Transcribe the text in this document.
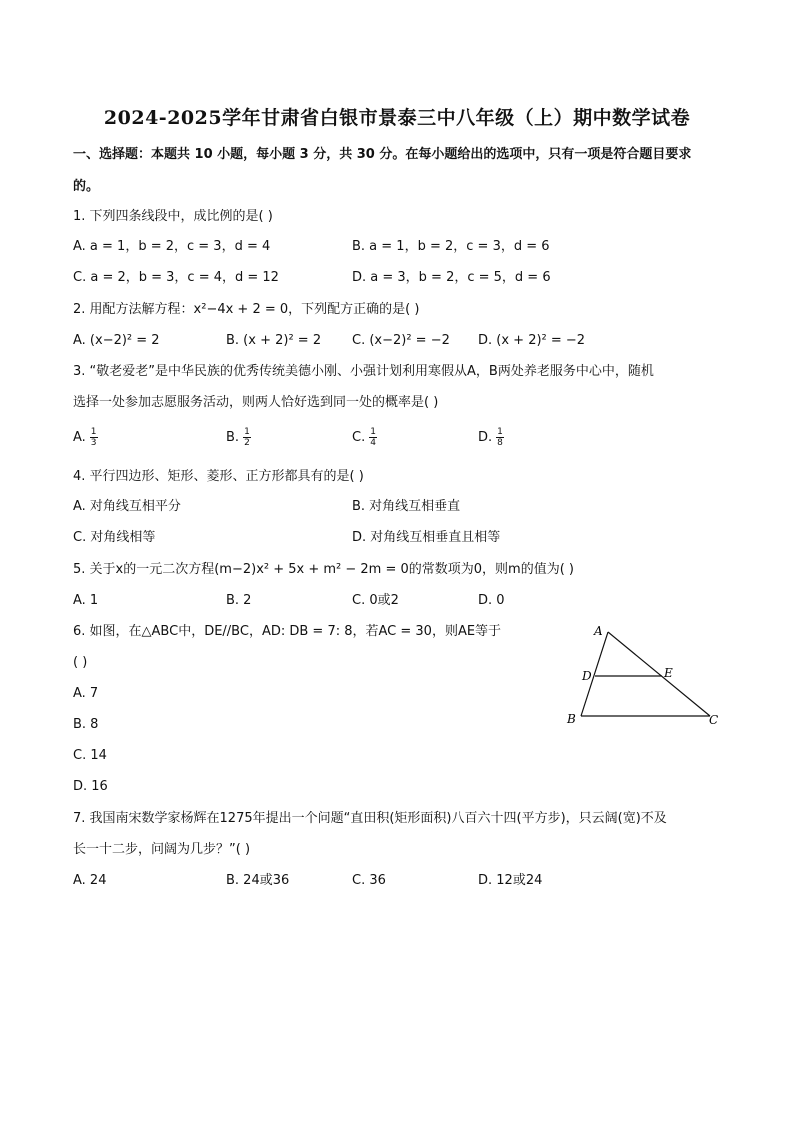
2024-2025学年甘肃省白银市景泰三中八年级（上）期中数学试卷
一、选择题：本题共 10 小题，每小题 3 分，共 30 分。在每小题给出的选项中，只有一项是符合题目要求
的。
1. 下列四条线段中，成比例的是( )
A. a = 1，b = 2，c = 3，d = 4	B. a = 1，b = 2，c = 3，d = 6
C. a = 2，b = 3，c = 4，d = 12	D. a = 3，b = 2，c = 5，d = 6
2. 用配方法解方程：x²−4x + 2 = 0，下列配方正确的是( )
A. (x−2)² = 2	B. (x + 2)² = 2 C. (x−2)² = −2 D. (x + 2)² = −2
3. “敬老爱老”是中华民族的优秀传统美德小刚、小强计划利用寒假从A，B两处养老服务中心中，随机
选择一处参加志愿服务活动，则两人恰好选到同一处的概率是( )
A. $\frac{1}{3}$	B. $\frac{1}{2}$	C. $\frac{1}{4}$	D. $\frac{1}{8}$
4. 平行四边形、矩形、菱形、正方形都具有的是( )
A. 对角线互相平分	B. 对角线互相垂直
C. 对角线相等	D. 对角线互相垂直且相等
5. 关于x的一元二次方程(m−2)x² + 5x + m² − 2m = 0的常数项为0，则m的值为( )
A. 1	B. 2	C. 0或2	D. 0
6. 如图，在△ABC中，DE//BC，AD: DB = 7: 8，若AC = 30，则AE等于
( )
A. 7
B. 8
C. 14
D. 16
A
D	E
B	C
7. 我国南宋数学家杨辉在1275年提出一个问题“直田积(矩形面积)八百六十四(平方步)，只云阔(宽)不及
长一十二步，问阔为几步？”( )
A. 24	B. 24或36	C. 36	D. 12或24
